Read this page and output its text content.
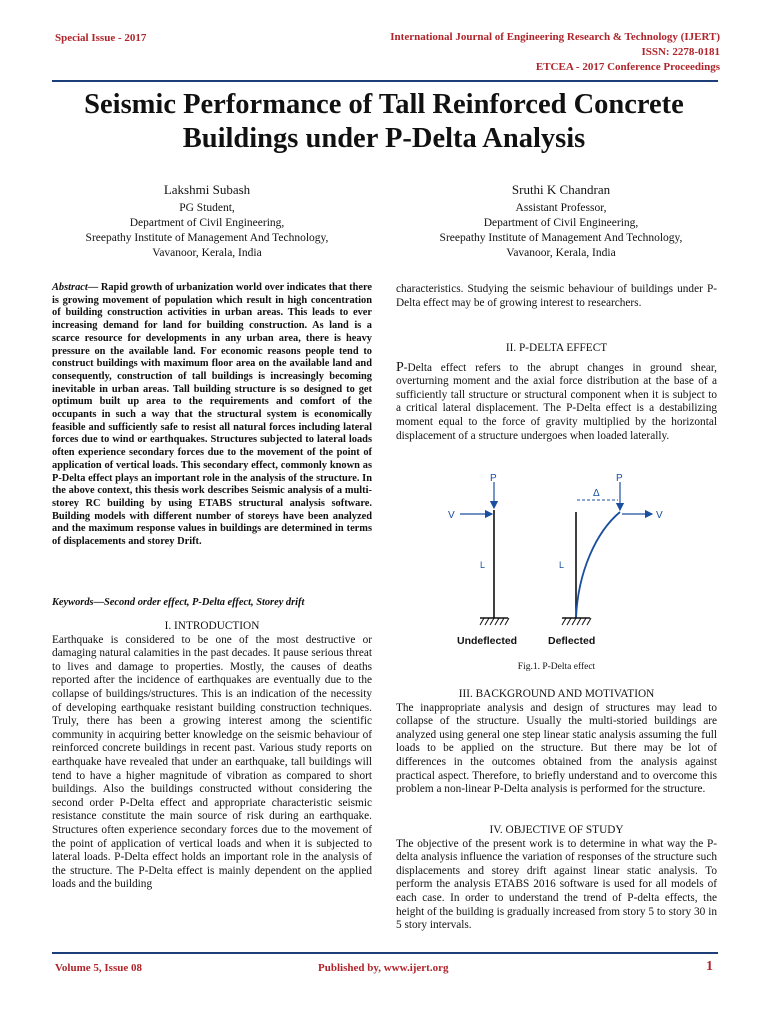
Special Issue - 2017	International Journal of Engineering Research & Technology (IJERT)
ISSN: 2278-0181
ETCEA - 2017 Conference Proceedings
Seismic Performance of Tall Reinforced Concrete
Buildings under P-Delta Analysis
Lakshmi Subash
PG Student,
Department of Civil Engineering,
Sreepathy Institute of Management And Technology,
Vavanoor, Kerala, India
Sruthi K Chandran
Assistant Professor,
Department of Civil Engineering,
Sreepathy Institute of Management And Technology,
Vavanoor, Kerala, India
Abstract— Rapid growth of urbanization world over indicates that there is growing movement of population which result in high concentration of building construction activities in urban areas. This leads to ever increasing demand for land for building construction. As land is a scarce resource for developments in any urban area, there is heavy pressure on the available land. For economic reasons people tend to construct buildings with maximum floor area on the available land and consequently, construction of tall buildings is increasingly becoming inevitable in urban areas. Tall building structure is so designed to get optimum built up area to the requirements and comfort of the occupants in such a way that the structural system is economically feasible and sufficiently safe to resist all natural forces including lateral forces due to wind or earthquakes. Structures subjected to lateral loads often experience secondary forces due to the movement of the point of application of vertical loads. This secondary effect, commonly known as P-Delta effect plays an important role in the analysis of the structure. In the above context, this thesis work describes Seismic analysis of a multi-storey RC building by using ETABS structural analysis software. Building models with different number of storeys have been analyzed and the maximum response values in buildings are determined in terms of displacements and storey Drift.
Keywords—Second order effect, P-Delta effect, Storey drift

I. INTRODUCTION

Earthquake is considered to be one of the most destructive or damaging natural calamities in the past decades. It pause serious threat to lives and damage to properties. Mostly, the causes of deaths reported after the incidence of earthquakes are eventually due to the collapse of buildings/structures. This is an indication of the necessity of developing earthquake resistant building construction techniques. Truly, there has been a growing interest among the scientific community in acquiring better knowledge on the seismic behaviour of reinforced concrete buildings in recent past. Various study reports on earthquake have revealed that under an earthquake, tall buildings will tend to have a higher magnitude of vibration as compared to short buildings. Also the buildings constructed without considering the second order P-Delta effect and appropriate characteristic seismic resistance constitute the main source of risk during an earthquake. Structures often experience secondary forces due to the movement of the point of application of vertical loads and when it is subjected to lateral loads. P-Delta effect holds an important role in the analysis of the structure. The P-Delta effect is mainly dependent on the applied loads and the building

characteristics. Studying the seismic behaviour of buildings under P-Delta effect may be of growing interest to researchers.

II. P-DELTA EFFECT

P-Delta effect refers to the abrupt changes in ground shear, overturning moment and the axial force distribution at the base of a sufficiently tall structure or structural component when it is subject to a critical lateral displacement. The P-Delta effect is a destabilizing moment equal to the force of gravity multiplied by the horizontal displacement of a structure undergoes when loaded laterally.

P
V
L
Undeflected
P
Δ
V
L
Deflected
Fig.1. P-Delta effect

III. BACKGROUND AND MOTIVATION

The inappropriate analysis and design of structures may lead to collapse of the structure. Usually the multi-storied buildings are analyzed using general one step linear static analysis assuming the full loads to be applied on the structure. But there may be lot of differences in the outcomes obtained from the analysis against practical aspect. Therefore, to briefly understand and to overcome this problem a non-linear P-Delta analysis is performed for the structure.

IV. OBJECTIVE OF STUDY

The objective of the present work is to determine in what way the P-delta analysis influence the variation of responses of the structure such displacements and storey drift against linear static analysis. To perform the analysis ETABS 2016 software is used for all models of each case. In order to understand the trend of P-delta effects, the height of the building is gradually increased from story 5 to story 30 in 5 story intervals.

Volume 5, Issue 08	Published by, www.ijert.org	1
